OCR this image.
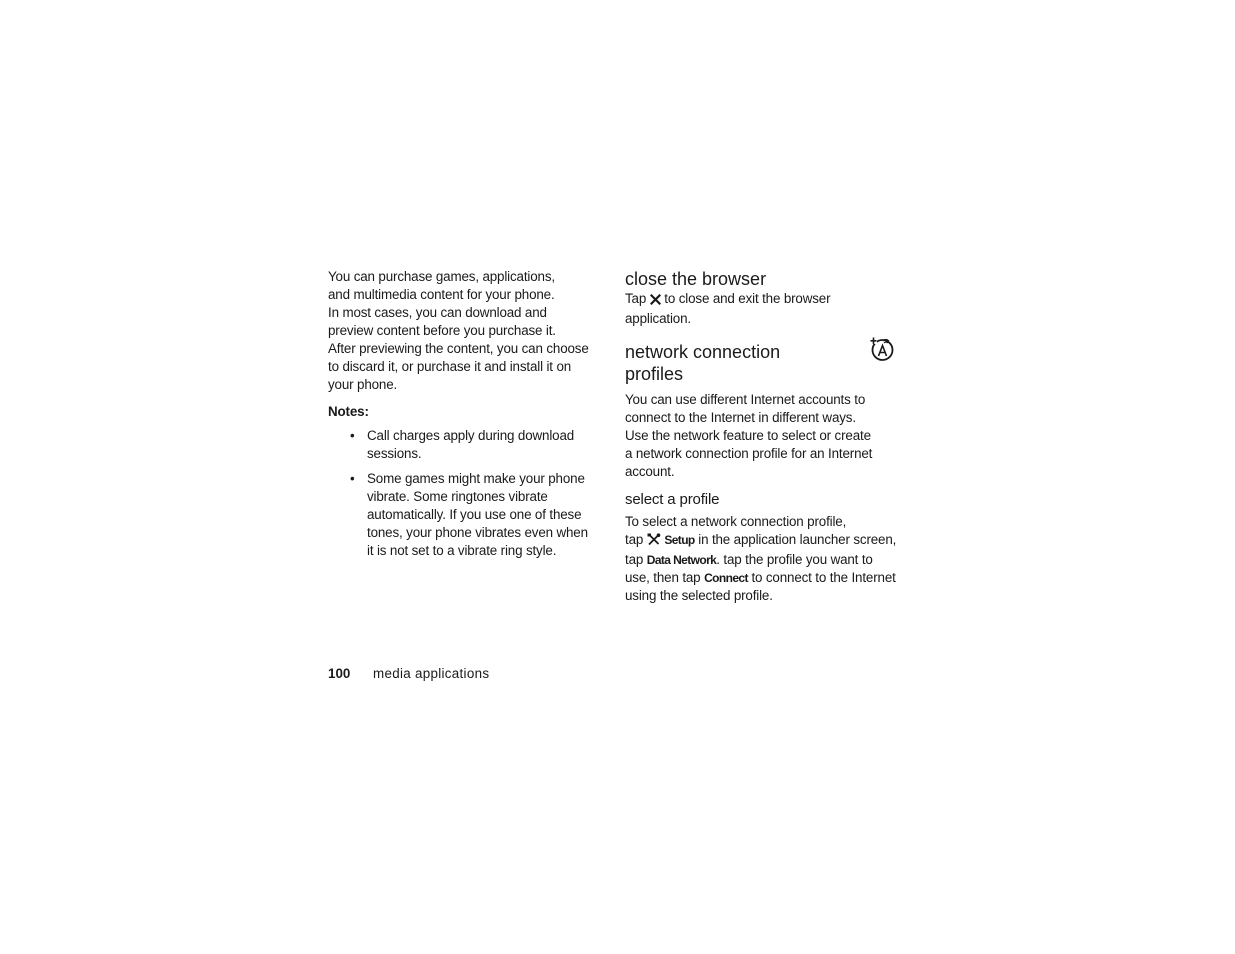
You can purchase games, applications,
and multimedia content for your phone.
In most cases, you can download and
preview content before you purchase it.
After previewing the content, you can choose
to discard it, or purchase it and install it on
your phone.

Notes:

• Call charges apply during download
sessions.
• Some games might make your phone
vibrate. Some ringtones vibrate
automatically. If you use one of these
tones, your phone vibrates even when
it is not set to a vibrate ring style.
close the browser

Tap to close and exit the browser
application.

network connection
profiles

You can use different Internet accounts to
connect to the Internet in different ways.
Use the network feature to select or create
a network connection profile for an Internet
account.

select a profile

To select a network connection profile,
tap Setup in the application launcher screen,
tap Data Network. tap the profile you want to
use, then tap Connect to connect to the Internet
using the selected profile.

100 media applications
